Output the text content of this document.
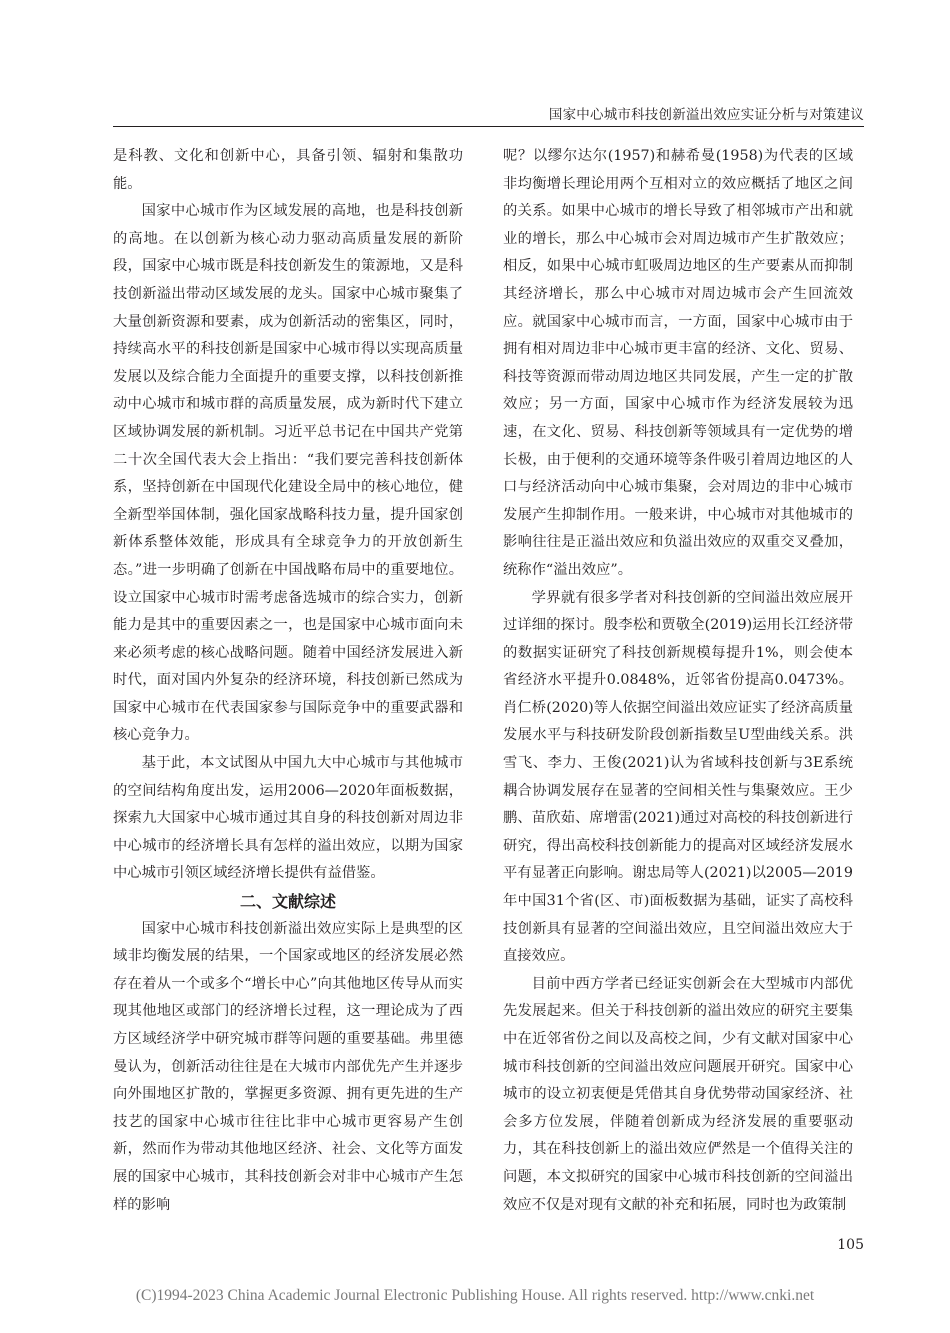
国家中心城市科技创新溢出效应实证分析与对策建议

是科教、文化和创新中心，具备引领、辐射和集散功能。

国家中心城市作为区域发展的高地，也是科技创新的高地。在以创新为核心动力驱动高质量发展的新阶段，国家中心城市既是科技创新发生的策源地，又是科技创新溢出带动区域发展的龙头。国家中心城市聚集了大量创新资源和要素，成为创新活动的密集区，同时，持续高水平的科技创新是国家中心城市得以实现高质量发展以及综合能力全面提升的重要支撑，以科技创新推动中心城市和城市群的高质量发展，成为新时代下建立区域协调发展的新机制。习近平总书记在中国共产党第二十次全国代表大会上指出：“我们要完善科技创新体系，坚持创新在中国现代化建设全局中的核心地位，健全新型举国体制，强化国家战略科技力量，提升国家创新体系整体效能，形成具有全球竞争力的开放创新生态。”进一步明确了创新在中国战略布局中的重要地位。设立国家中心城市时需考虑备选城市的综合实力，创新能力是其中的重要因素之一，也是国家中心城市面向未来必须考虑的核心战略问题。随着中国经济发展进入新时代，面对国内外复杂的经济环境，科技创新已然成为国家中心城市在代表国家参与国际竞争中的重要武器和核心竞争力。

基于此，本文试图从中国九大中心城市与其他城市的空间结构角度出发，运用2006—2020年面板数据，探索九大国家中心城市通过其自身的科技创新对周边非中心城市的经济增长具有怎样的溢出效应，以期为国家中心城市引领区域经济增长提供有益借鉴。

二、文献综述

国家中心城市科技创新溢出效应实际上是典型的区域非均衡发展的结果，一个国家或地区的经济发展必然存在着从一个或多个“增长中心”向其他地区传导从而实现其他地区或部门的经济增长过程，这一理论成为了西方区域经济学中研究城市群等问题的重要基础。弗里德曼认为，创新活动往往是在大城市内部优先产生并逐步向外围地区扩散的，掌握更多资源、拥有更先进的生产技艺的国家中心城市往往比非中心城市更容易产生创新，然而作为带动其他地区经济、社会、文化等方面发展的国家中心城市，其科技创新会对非中心城市产生怎样的影响

呢？以缪尔达尔(1957)和赫希曼(1958)为代表的区域非均衡增长理论用两个互相对立的效应概括了地区之间的关系。如果中心城市的增长导致了相邻城市产出和就业的增长，那么中心城市会对周边城市产生扩散效应；相反，如果中心城市虹吸周边地区的生产要素从而抑制其经济增长，那么中心城市对周边城市会产生回流效应。就国家中心城市而言，一方面，国家中心城市由于拥有相对周边非中心城市更丰富的经济、文化、贸易、科技等资源而带动周边地区共同发展，产生一定的扩散效应；另一方面，国家中心城市作为经济发展较为迅速，在文化、贸易、科技创新等领域具有一定优势的增长极，由于便利的交通环境等条件吸引着周边地区的人口与经济活动向中心城市集聚，会对周边的非中心城市发展产生抑制作用。一般来讲，中心城市对其他城市的影响往往是正溢出效应和负溢出效应的双重交叉叠加，统称作“溢出效应”。

学界就有很多学者对科技创新的空间溢出效应展开过详细的探讨。殷李松和贾敬全(2019)运用长江经济带的数据实证研究了科技创新规模每提升1%，则会使本省经济水平提升0.0848%，近邻省份提高0.0473%。肖仁桥(2020)等人依据空间溢出效应证实了经济高质量发展水平与科技研发阶段创新指数呈U型曲线关系。洪雪飞、李力、王俊(2021)认为省域科技创新与3E系统耦合协调发展存在显著的空间相关性与集聚效应。王少鹏、苗欣茹、席增雷(2021)通过对高校的科技创新进行研究，得出高校科技创新能力的提高对区域经济发展水平有显著正向影响。谢忠局等人(2021)以2005—2019年中国31个省(区、市)面板数据为基础，证实了高校科技创新具有显著的空间溢出效应，且空间溢出效应大于直接效应。

目前中西方学者已经证实创新会在大型城市内部优先发展起来。但关于科技创新的溢出效应的研究主要集中在近邻省份之间以及高校之间，少有文献对国家中心城市科技创新的空间溢出效应问题展开研究。国家中心城市的设立初衷便是凭借其自身优势带动国家经济、社会多方位发展，伴随着创新成为经济发展的重要驱动力，其在科技创新上的溢出效应俨然是一个值得关注的问题，本文拟研究的国家中心城市科技创新的空间溢出效应不仅是对现有文献的补充和拓展，同时也为政策制

105
(C)1994-2023 China Academic Journal Electronic Publishing House. All rights reserved. http://www.cnki.net
